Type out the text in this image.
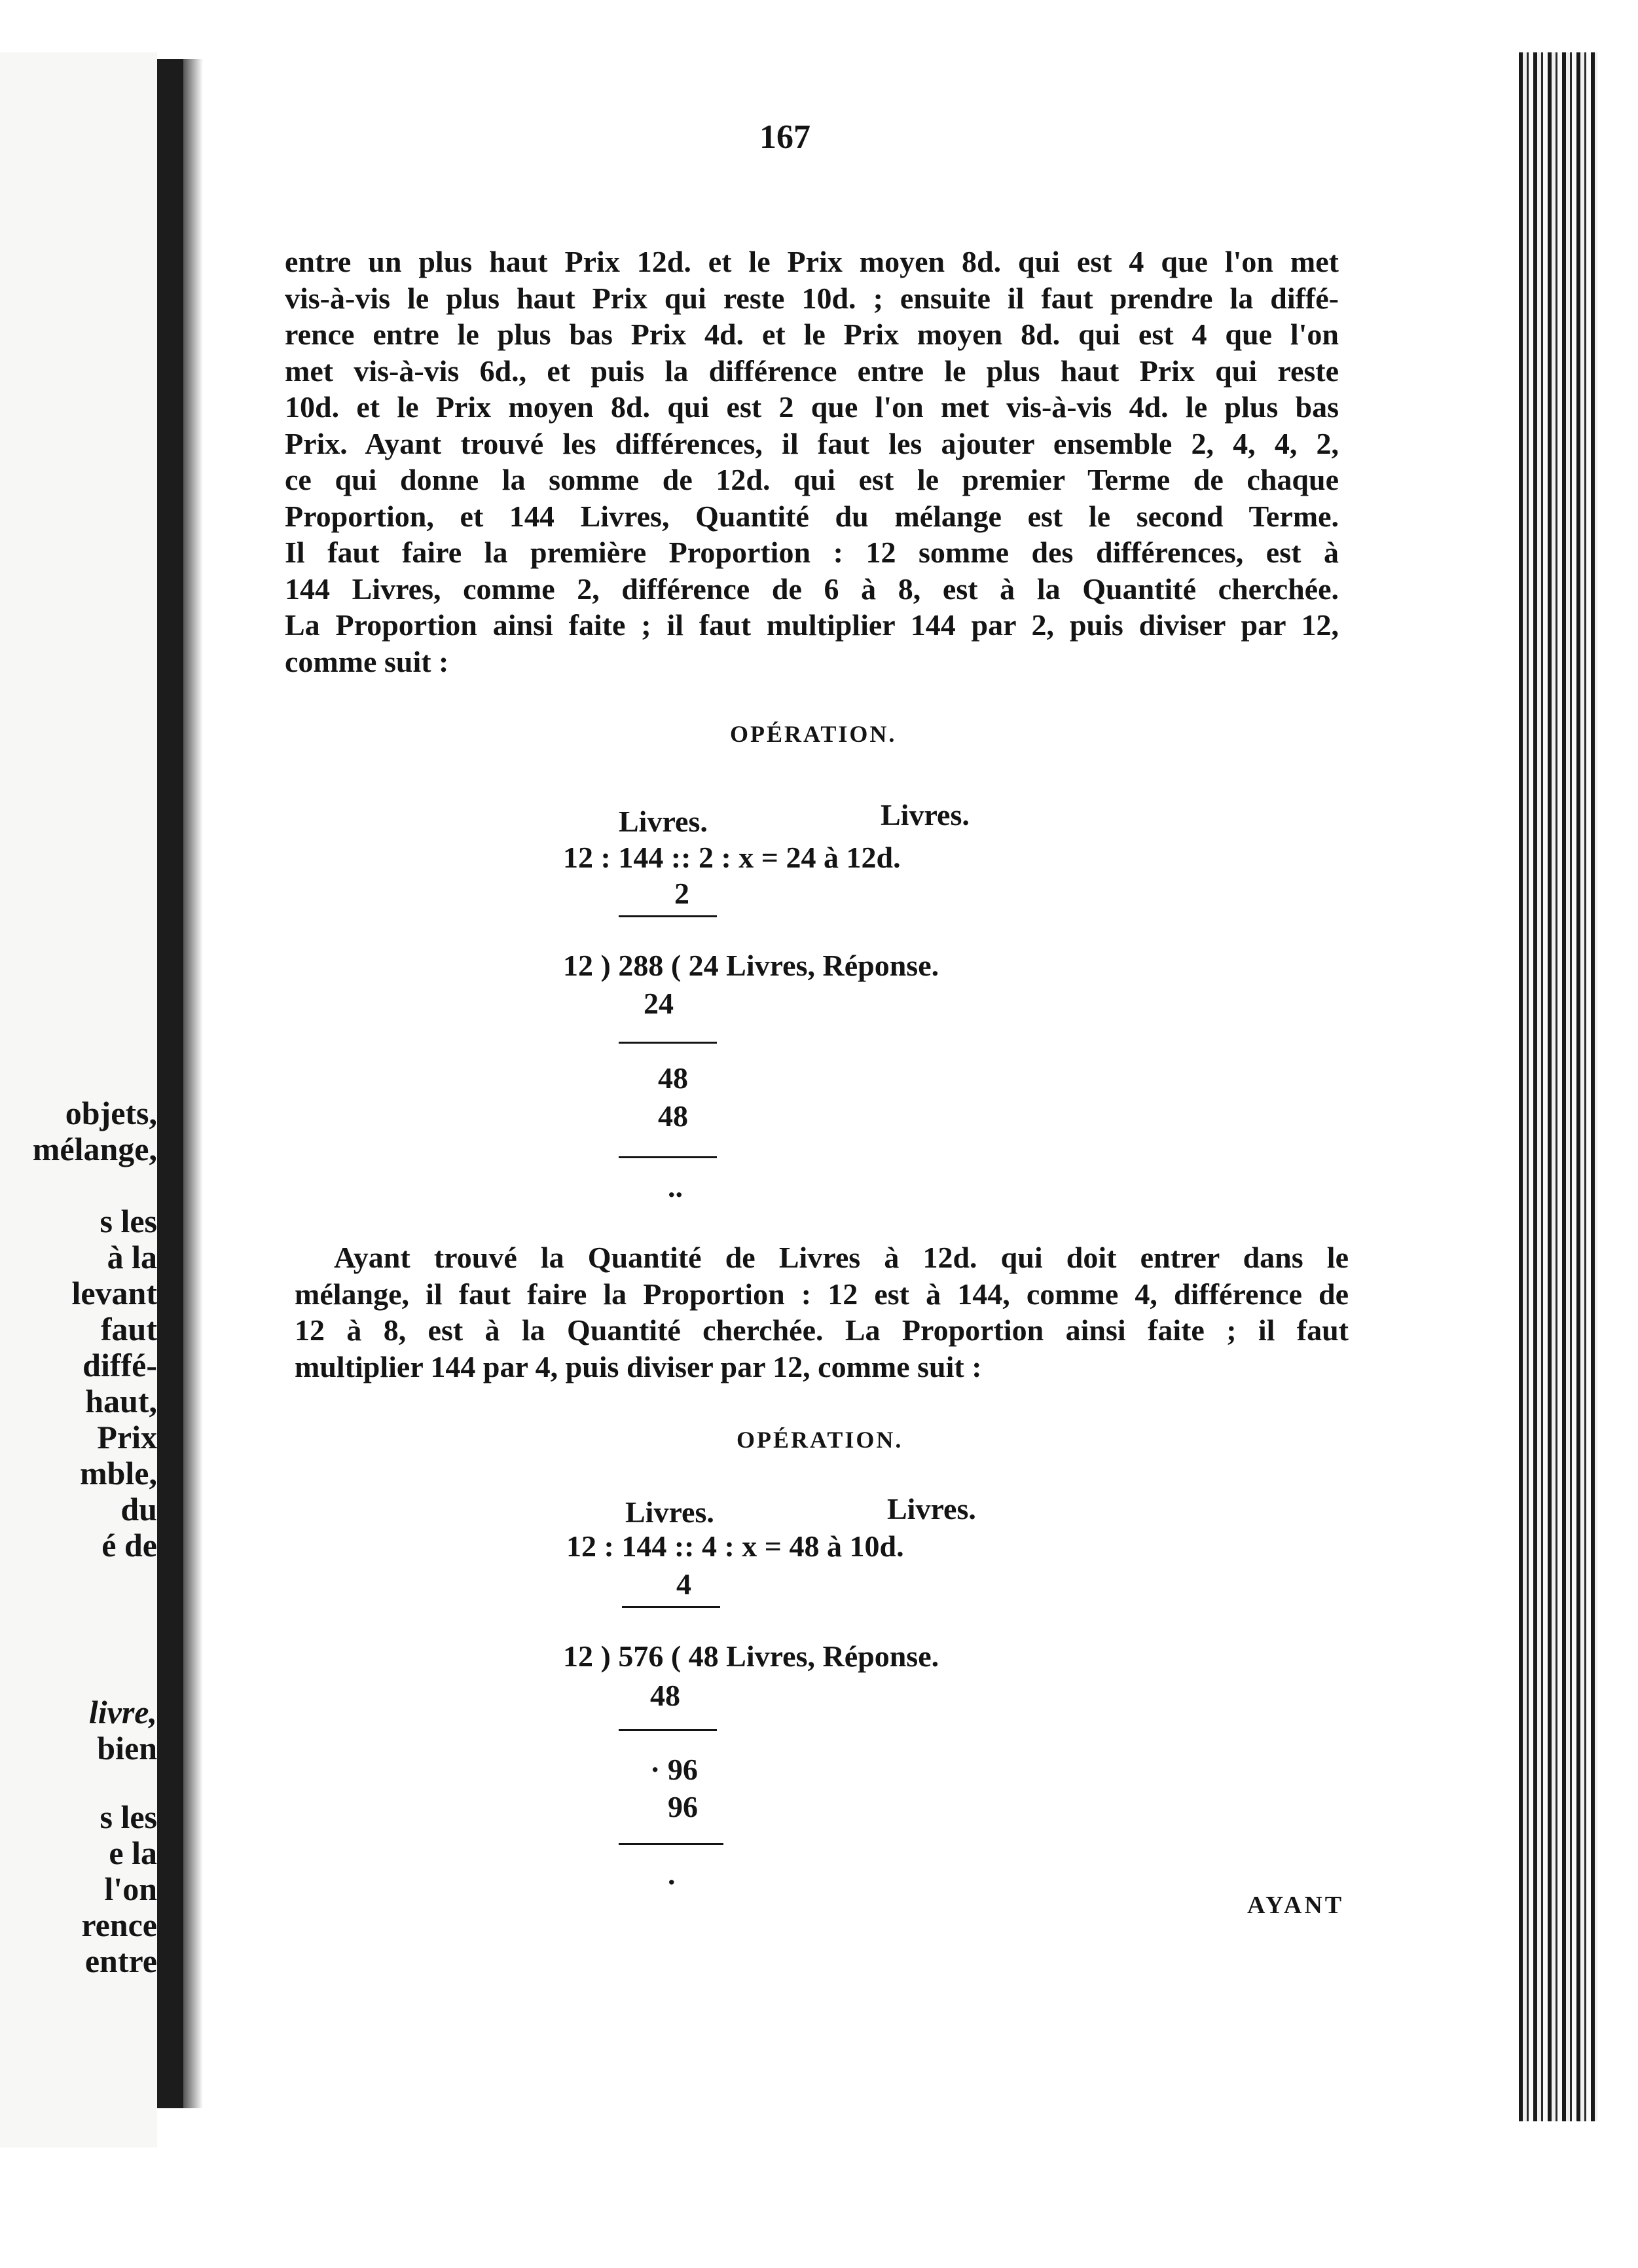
objets,
mélange,
s les
à la
levant
faut
diffé-
haut,
Prix
mble,
du
é de
livre,
bien
s les
e la
l'on
rence
entre
167
entre un plus haut Prix 12d. et le Prix moyen 8d. qui est 4 que l'on met
vis-à-vis le plus haut Prix qui reste 10d. ; ensuite il faut prendre la diffé-
rence entre le plus bas Prix 4d. et le Prix moyen 8d. qui est 4 que l'on
met vis-à-vis 6d., et puis la différence entre le plus haut Prix qui reste
10d. et le Prix moyen 8d. qui est 2 que l'on met vis-à-vis 4d. le plus bas
Prix. Ayant trouvé les différences, il faut les ajouter ensemble 2, 4, 4, 2,
ce qui donne la somme de 12d. qui est le premier Terme de chaque
Proportion, et 144 Livres, Quantité du mélange est le second Terme.
Il faut faire la première Proportion : 12 somme des différences, est à
144 Livres, comme 2, différence de 6 à 8, est à la Quantité cherchée.
La Proportion ainsi faite ; il faut multiplier 144 par 2, puis diviser par 12,
comme suit :
OPÉRATION.
Livres.	Livres.
12 : 144 :: 2 : x = 24 à 12d.
2
12 ) 288 ( 24 Livres, Réponse.
24
48
48
..
Ayant trouvé la Quantité de Livres à 12d. qui doit entrer dans le
mélange, il faut faire la Proportion : 12 est à 144, comme 4, différence de
12 à 8, est à la Quantité cherchée. La Proportion ainsi faite ; il faut
multiplier 144 par 4, puis diviser par 12, comme suit :
OPÉRATION.
Livres.	Livres.
12 : 144 :: 4 : x = 48 à 10d.
4
12 ) 576 ( 48 Livres, Réponse.
48
· 96
96
.
AYANT
